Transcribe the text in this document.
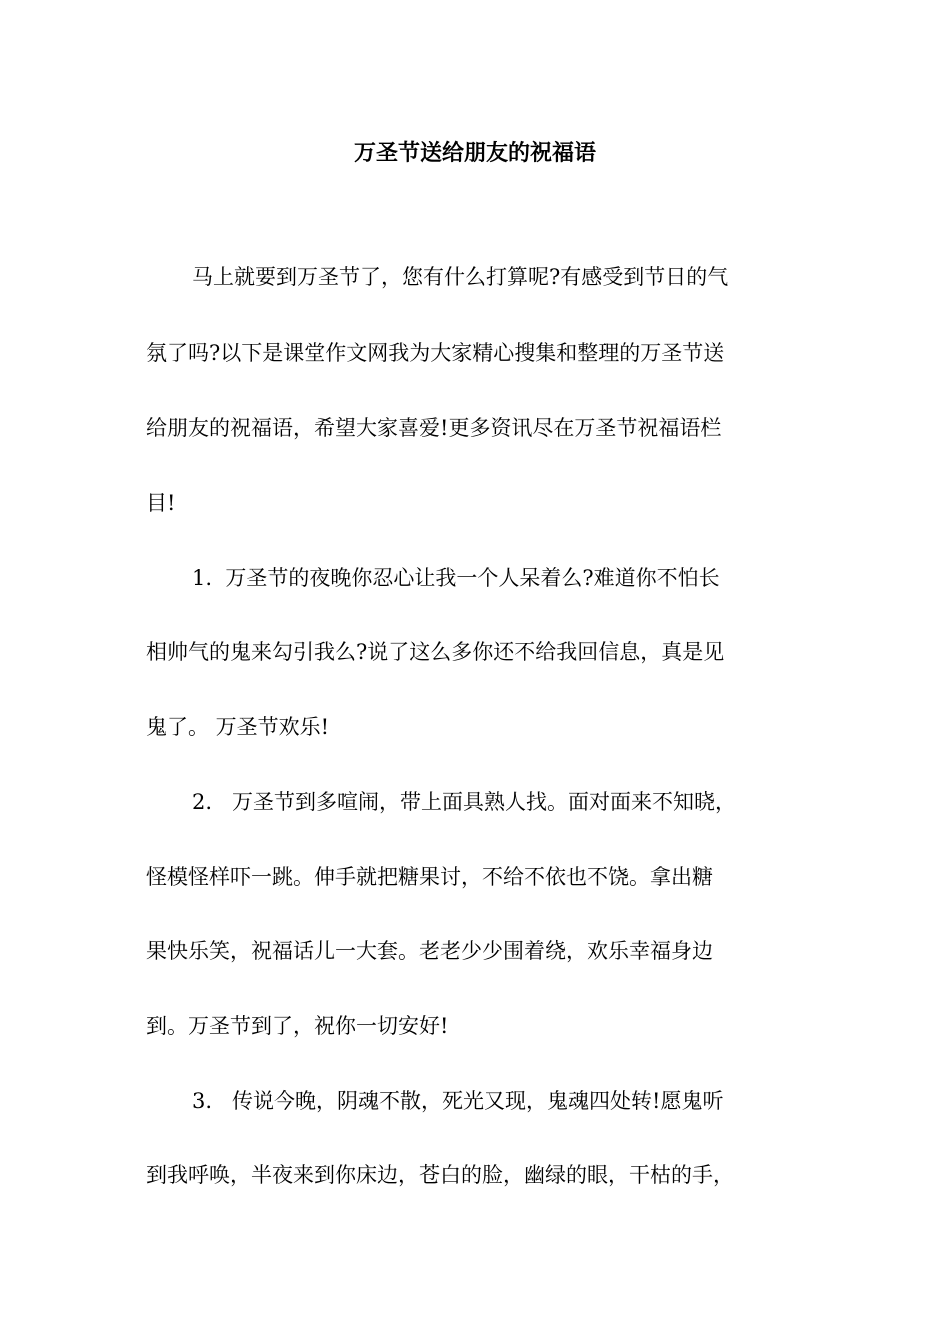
万圣节送给朋友的祝福语
马上就要到万圣节了，您有什么打算呢?有感受到节日的气
氛了吗?以下是课堂作文网我为大家精心搜集和整理的万圣节送
给朋友的祝福语，希望大家喜爱!更多资讯尽在万圣节祝福语栏
目!
1.  万圣节的夜晚你忍心让我一个人呆着么?难道你不怕长
相帅气的鬼来勾引我么?说了这么多你还不给我回信息，真是见
鬼了。 万圣节欢乐!
2.   万圣节到多喧闹，带上面具熟人找。面对面来不知晓，
怪模怪样吓一跳。伸手就把糖果讨，不给不依也不饶。拿出糖
果快乐笑，祝福话儿一大套。老老少少围着绕，欢乐幸福身边
到。万圣节到了，祝你一切安好!
3.   传说今晚，阴魂不散，死光又现，鬼魂四处转!愿鬼听
到我呼唤，半夜来到你床边，苍白的脸，幽绿的眼，干枯的手，
